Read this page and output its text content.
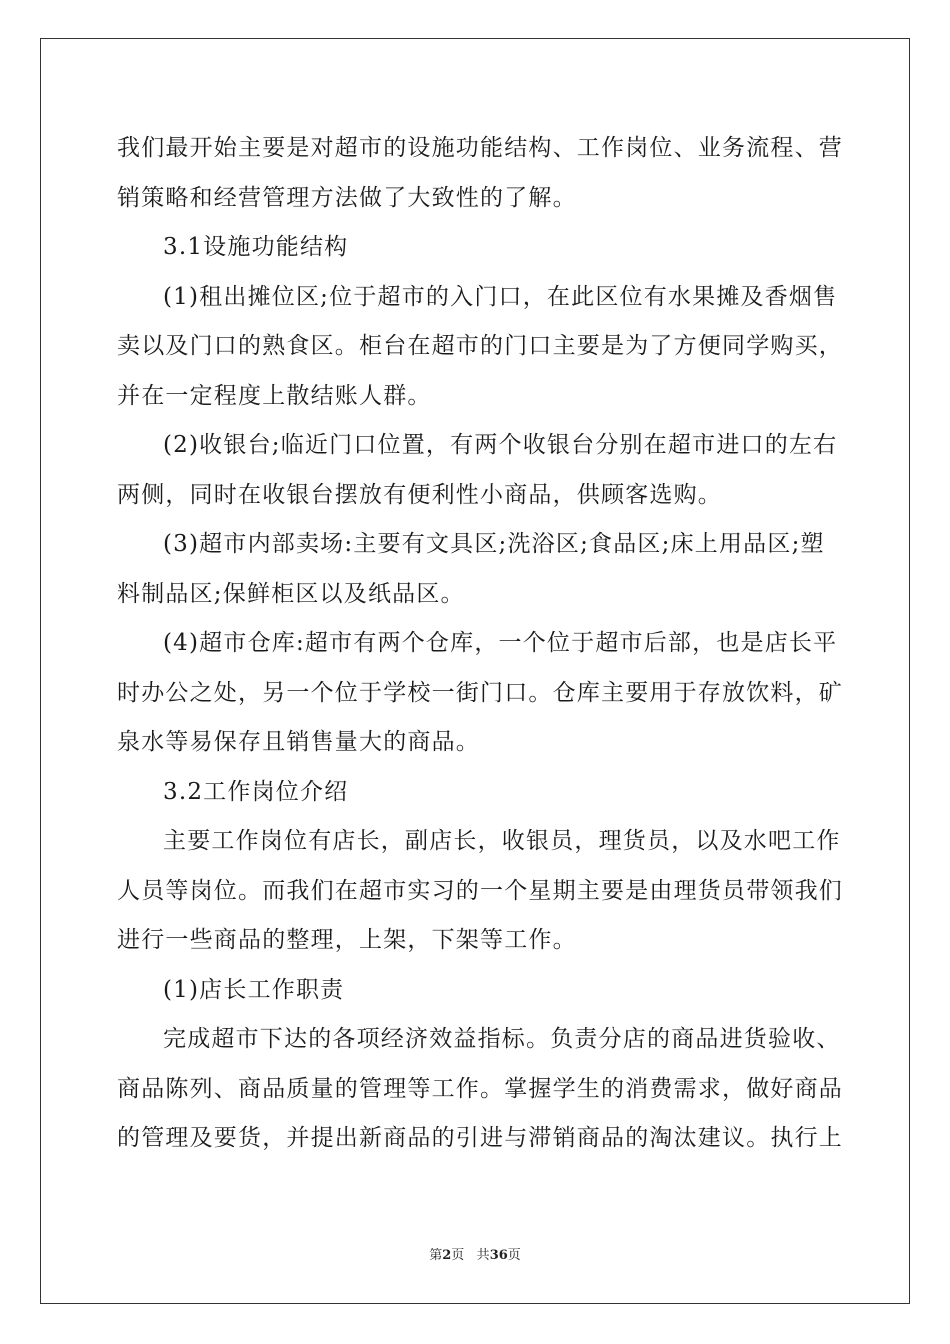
我们最开始主要是对超市的设施功能结构、工作岗位、业务流程、营
销策略和经营管理方法做了大致性的了解。
3.1设施功能结构
(1)租出摊位区;位于超市的入门口，在此区位有水果摊及香烟售
卖以及门口的熟食区。柜台在超市的门口主要是为了方便同学购买，
并在一定程度上散结账人群。
(2)收银台;临近门口位置，有两个收银台分别在超市进口的左右
两侧，同时在收银台摆放有便利性小商品，供顾客选购。
(3)超市内部卖场:主要有文具区;洗浴区;食品区;床上用品区;塑
料制品区;保鲜柜区以及纸品区。
(4)超市仓库:超市有两个仓库，一个位于超市后部，也是店长平
时办公之处，另一个位于学校一街门口。仓库主要用于存放饮料，矿
泉水等易保存且销售量大的商品。
3.2工作岗位介绍
主要工作岗位有店长，副店长，收银员，理货员，以及水吧工作
人员等岗位。而我们在超市实习的一个星期主要是由理货员带领我们
进行一些商品的整理，上架，下架等工作。
(1)店长工作职责
完成超市下达的各项经济效益指标。负责分店的商品进货验收、
商品陈列、商品质量的管理等工作。掌握学生的消费需求，做好商品
的管理及要货，并提出新商品的引进与滞销商品的淘汰建议。执行上
第2页 共36页
